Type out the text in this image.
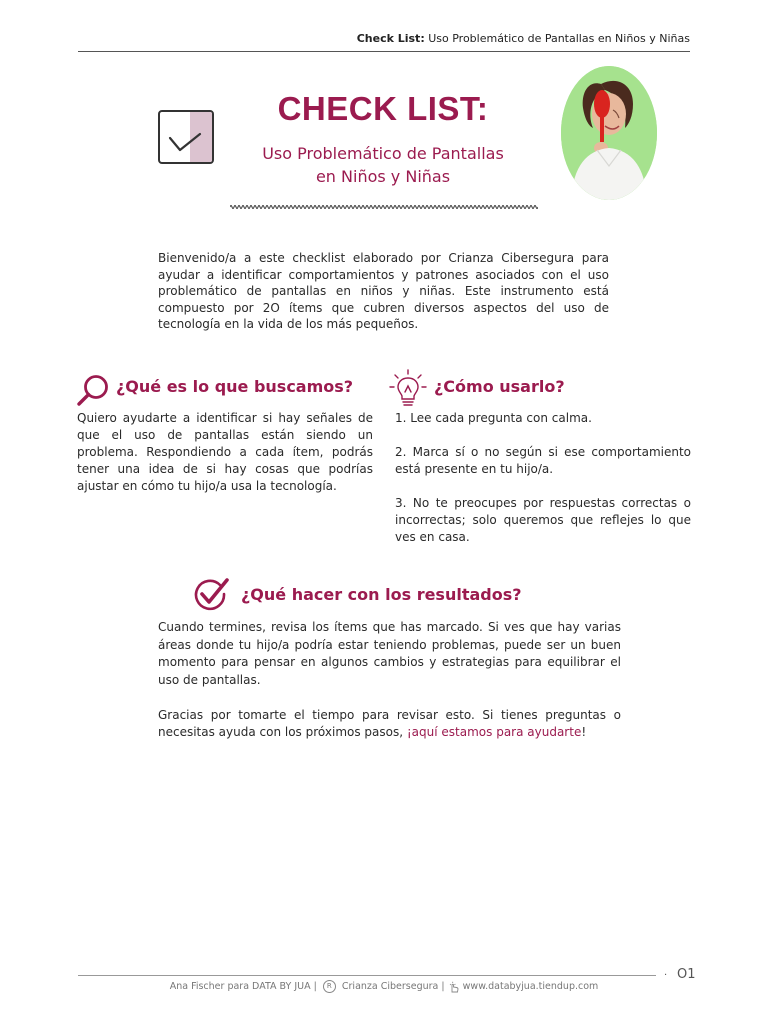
Check List: Uso Problemático de Pantallas en Niños y Niñas
CHECK LIST:
Uso Problemático de Pantallas
en Niños y Niñas
Bienvenido/a a este checklist elaborado por Crianza Cibersegura para ayudar a identificar comportamientos y patrones asociados con el uso problemático de pantallas en niños y niñas. Este instrumento está compuesto por 2O ítems que cubren diversos aspectos del uso de tecnología en la vida de los más pequeños.
¿Qué es lo que buscamos?
Quiero ayudarte a identificar si hay señales de que el uso de pantallas están siendo un problema. Respondiendo a cada ítem, podrás tener una idea de si hay cosas que podrías ajustar en cómo tu hijo/a usa la tecnología.
¿Cómo usarlo?

1. Lee cada pregunta con calma.

2. Marca sí o no según si ese comportamiento está presente en tu hijo/a.

3. No te preocupes por respuestas correctas o incorrectas; solo queremos que reflejes lo que ves en casa.

¿Qué hacer con los resultados?

Cuando termines, revisa los ítems que has marcado. Si ves que hay varias áreas donde tu hijo/a podría estar teniendo problemas, puede ser un buen momento para pensar en algunos cambios y estrategias para equilibrar el uso de pantallas.

Gracias por tomarte el tiempo para revisar esto. Si tienes preguntas o necesitas ayuda con los próximos pasos, ¡aquí estamos para ayudarte!

· O1
Ana Fischer para DATA BY JUA | R Crianza Cibersegura | www.databyjua.tiendup.com
